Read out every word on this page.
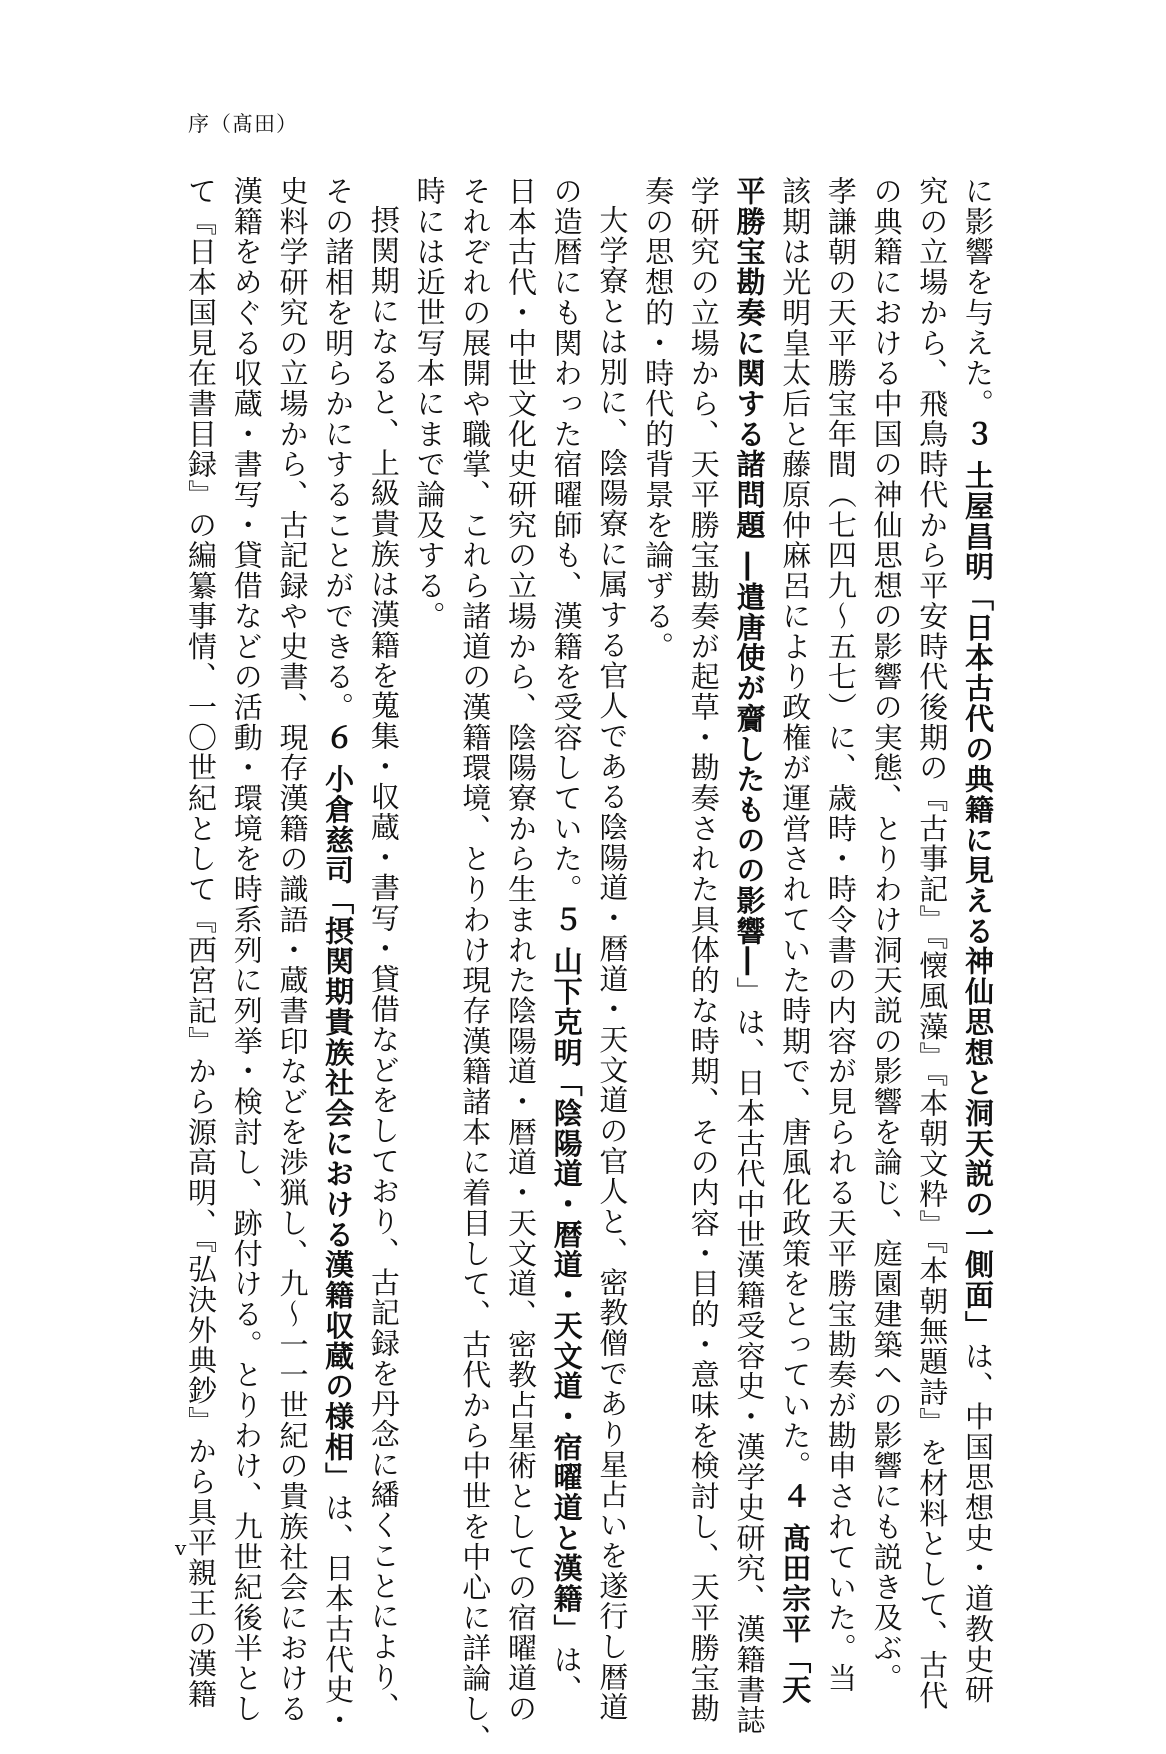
序（髙田）

に影響を与えた。３ 土屋昌明「日本古代の典籍に見える神仙思想と洞天説の一側面」は、中国思想史・道教史研

究の立場から、飛鳥時代から平安時代後期の『古事記』『懐風藻』『本朝文粋』『本朝無題詩』を材料として、古代

の典籍における中国の神仙思想の影響の実態、とりわけ洞天説の影響を論じ、庭園建築への影響にも説き及ぶ。

孝謙朝の天平勝宝年間（七四九〜五七）に、歳時・時令書の内容が見られる天平勝宝勘奏が勘申されていた。当

該期は光明皇太后と藤原仲麻呂により政権が運営されていた時期で、唐風化政策をとっていた。４ 髙田宗平「天

平勝宝勘奏に関する諸問題 ―遣唐使が齎したものの影響―」は、日本古代中世漢籍受容史・漢学史研究、漢籍書誌

学研究の立場から、天平勝宝勘奏が起草・勘奏された具体的な時期、その内容・目的・意味を検討し、天平勝宝勘

奏の思想的・時代的背景を論ずる。

大学寮とは別に、陰陽寮に属する官人である陰陽道・暦道・天文道の官人と、密教僧であり星占いを遂行し暦道

の造暦にも関わった宿曜師も、漢籍を受容していた。５ 山下克明「陰陽道・暦道・天文道・宿曜道と漢籍」は、

日本古代・中世文化史研究の立場から、陰陽寮から生まれた陰陽道・暦道・天文道、密教占星術としての宿曜道の

それぞれの展開や職掌、これら諸道の漢籍環境、とりわけ現存漢籍諸本に着目して、古代から中世を中心に詳論し、

時には近世写本にまで論及する。

摂関期になると、上級貴族は漢籍を蒐集・収蔵・書写・貸借などをしており、古記録を丹念に繙くことにより、

その諸相を明らかにすることができる。６ 小倉慈司「摂関期貴族社会における漢籍収蔵の様相」は、日本古代史・

史料学研究の立場から、古記録や史書、現存漢籍の識語・蔵書印などを渉猟し、九〜一一世紀の貴族社会における

漢籍をめぐる収蔵・書写・貸借などの活動・環境を時系列に列挙・検討し、跡付ける。とりわけ、九世紀後半とし

て『日本国見在書目録』の編纂事情、一〇世紀として『西宮記』から源高明、『弘決外典鈔』から具平親王の漢籍

v
